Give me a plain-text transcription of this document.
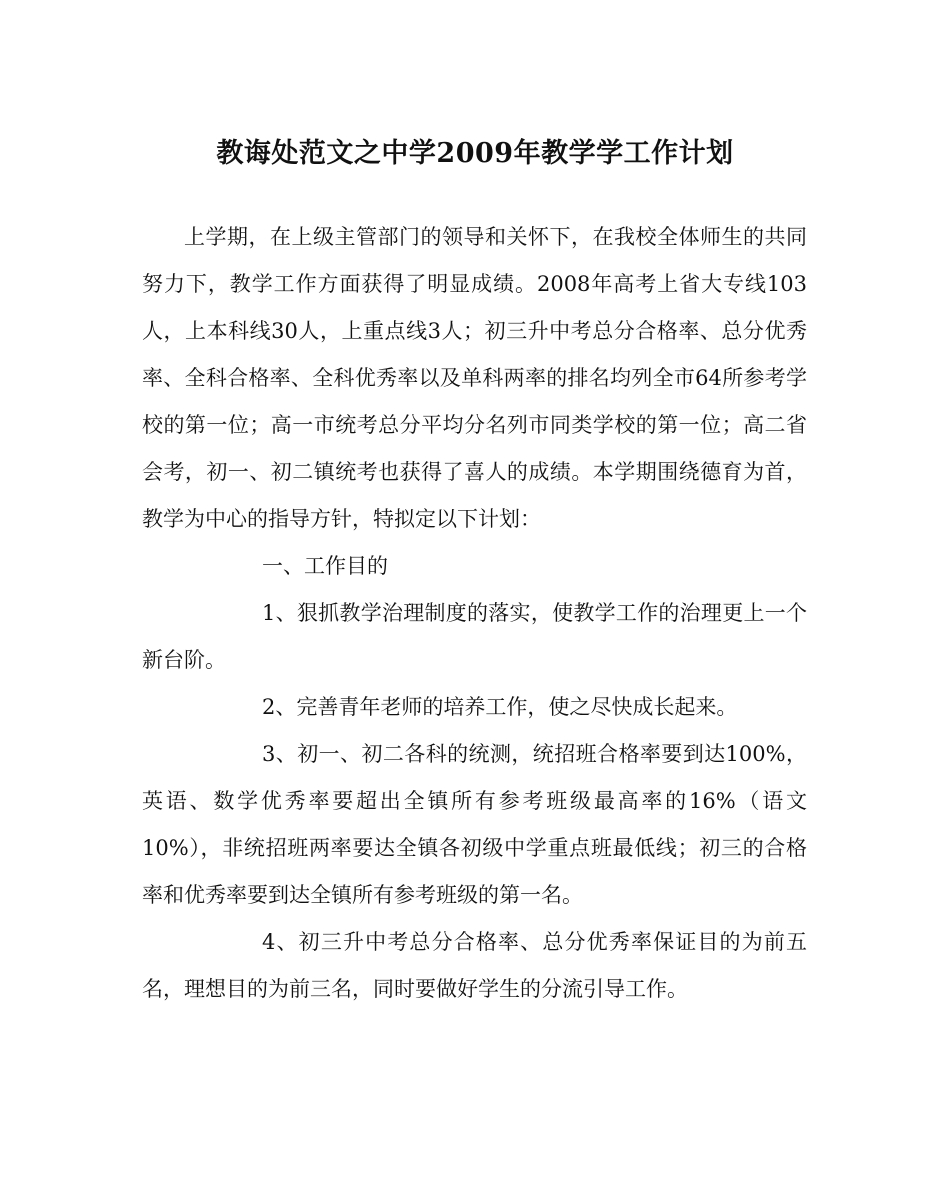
教诲处范文之中学2009年教学学工作计划

上学期，在上级主管部门的领导和关怀下，在我校全体师生的共同努力下，教学工作方面获得了明显成绩。2008年高考上省大专线103人，上本科线30人，上重点线3人；初三升中考总分合格率、总分优秀率、全科合格率、全科优秀率以及单科两率的排名均列全市64所参考学校的第一位；高一市统考总分平均分名列市同类学校的第一位；高二省会考，初一、初二镇统考也获得了喜人的成绩。本学期围绕德育为首，教学为中心的指导方针，特拟定以下计划：

一、工作目的

1、狠抓教学治理制度的落实，使教学工作的治理更上一个新台阶。

2、完善青年老师的培养工作，使之尽快成长起来。

3、初一、初二各科的统测，统招班合格率要到达100%，英语、数学优秀率要超出全镇所有参考班级最高率的16%（语文10%），非统招班两率要达全镇各初级中学重点班最低线；初三的合格率和优秀率要到达全镇所有参考班级的第一名。

4、初三升中考总分合格率、总分优秀率保证目的为前五名，理想目的为前三名，同时要做好学生的分流引导工作。
